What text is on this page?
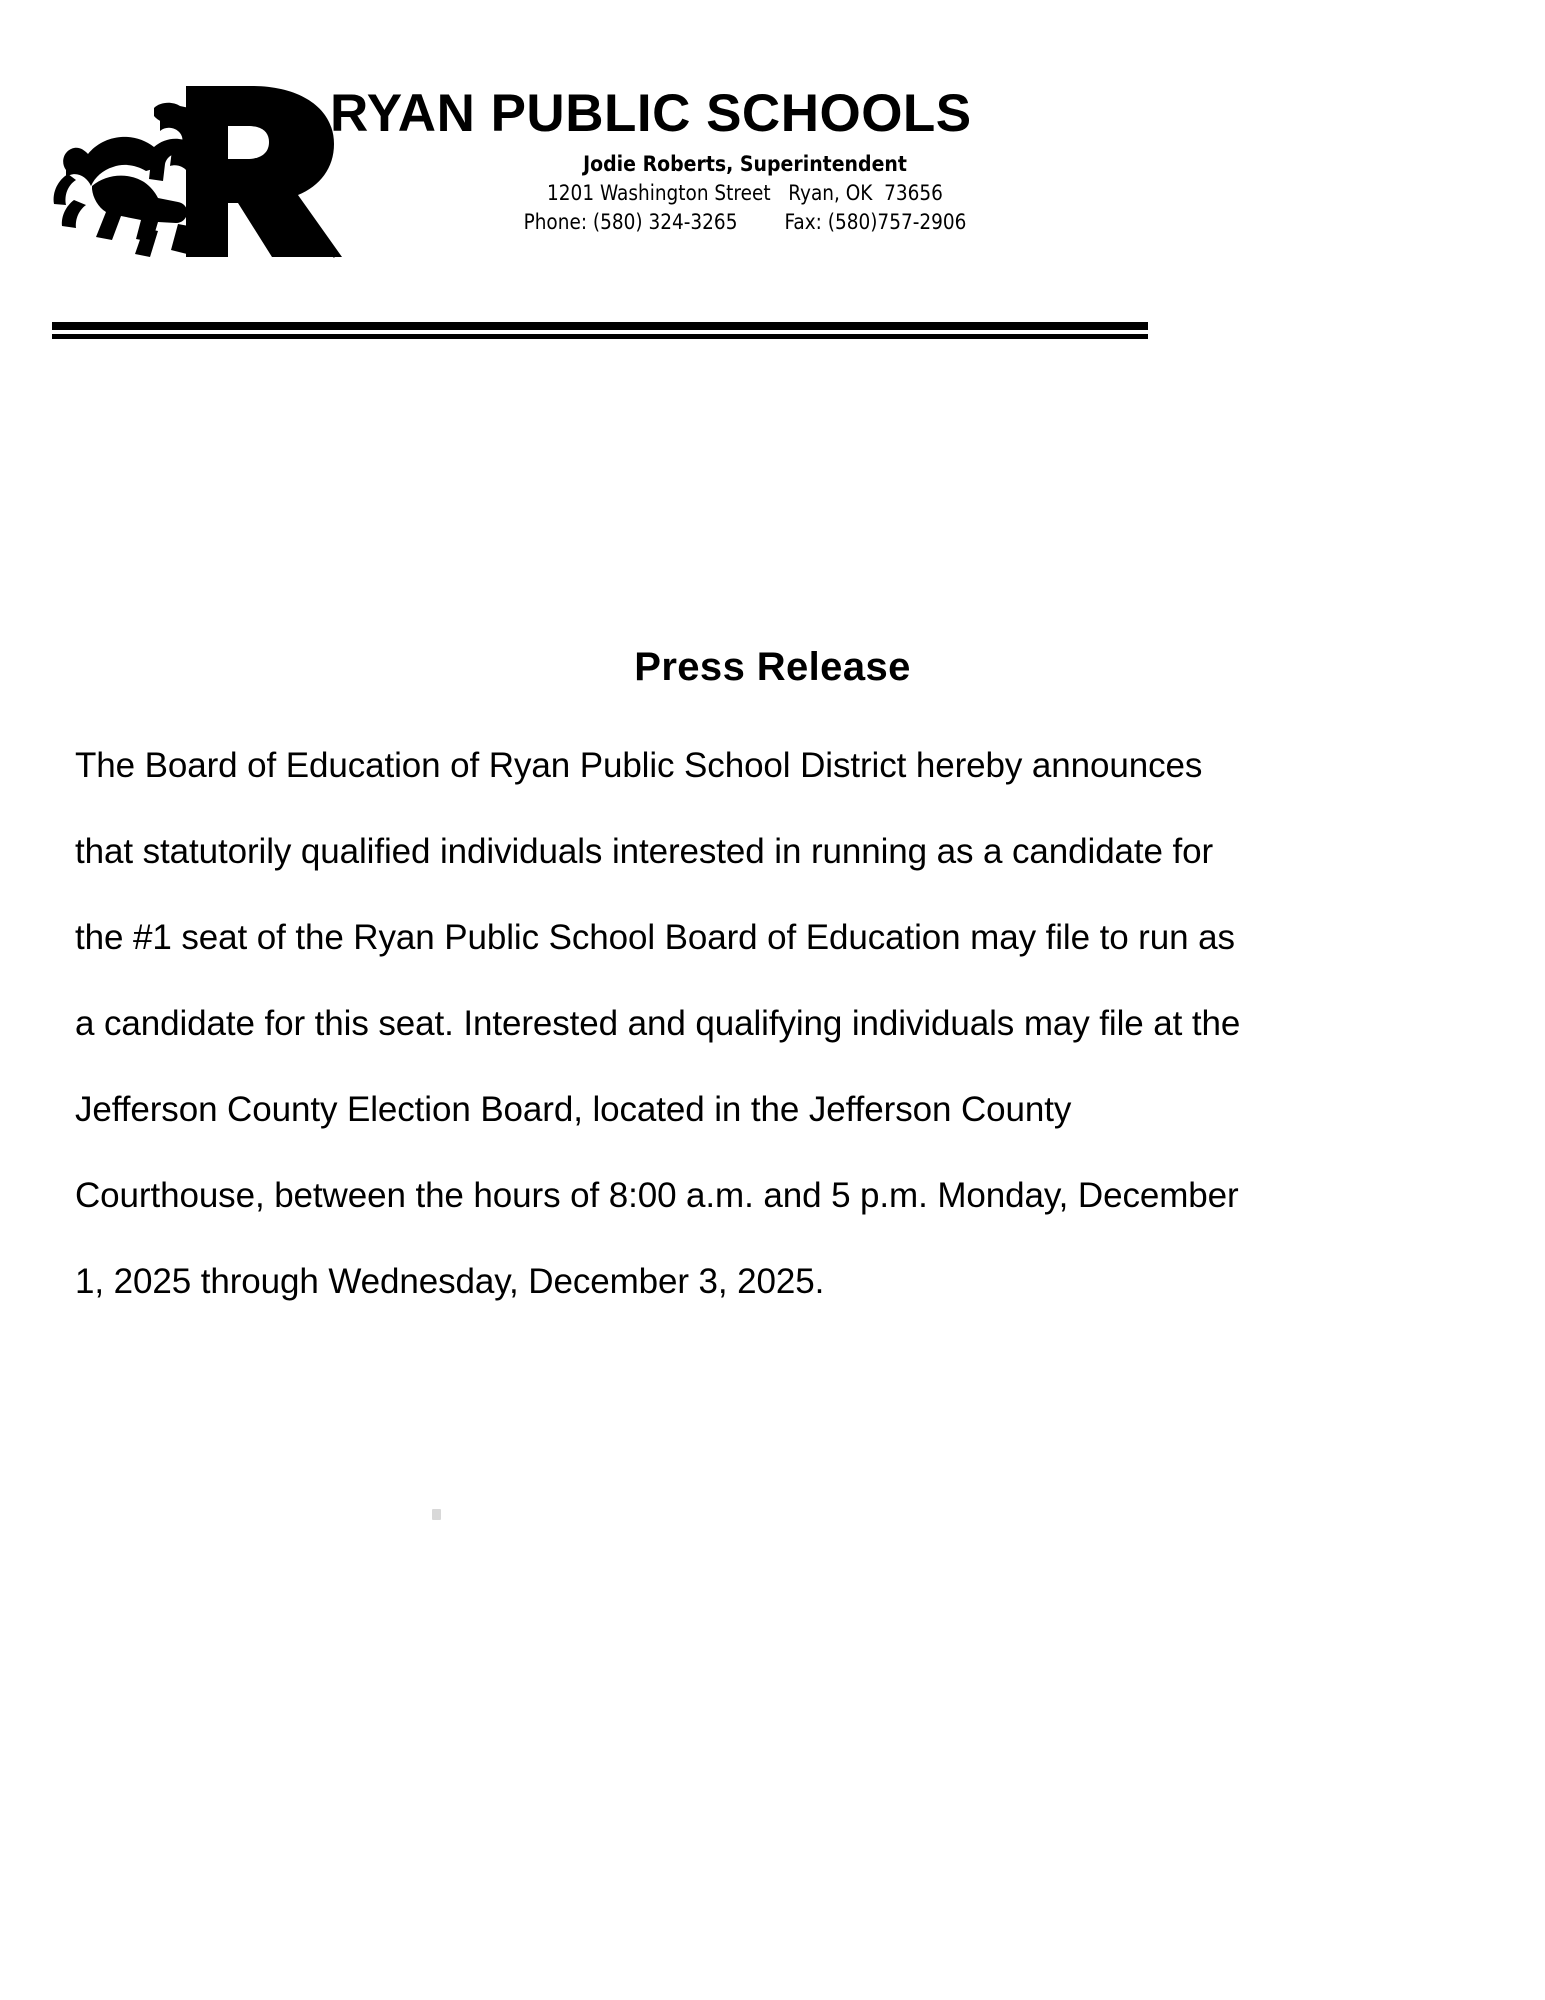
RYAN PUBLIC SCHOOLS
Jodie Roberts, Superintendent
1201 Washington Street   Ryan, OK  73656
Phone: (580) 324-3265        Fax: (580)757-2906
Press Release
The Board of Education of Ryan Public School District hereby announces
that statutorily qualified individuals interested in running as a candidate for
the #1 seat of the Ryan Public School Board of Education may file to run as
a candidate for this seat. Interested and qualifying individuals may file at the
Jefferson County Election Board, located in the Jefferson County
Courthouse, between the hours of 8:00 a.m. and 5 p.m. Monday, December
1, 2025 through Wednesday, December 3, 2025.
